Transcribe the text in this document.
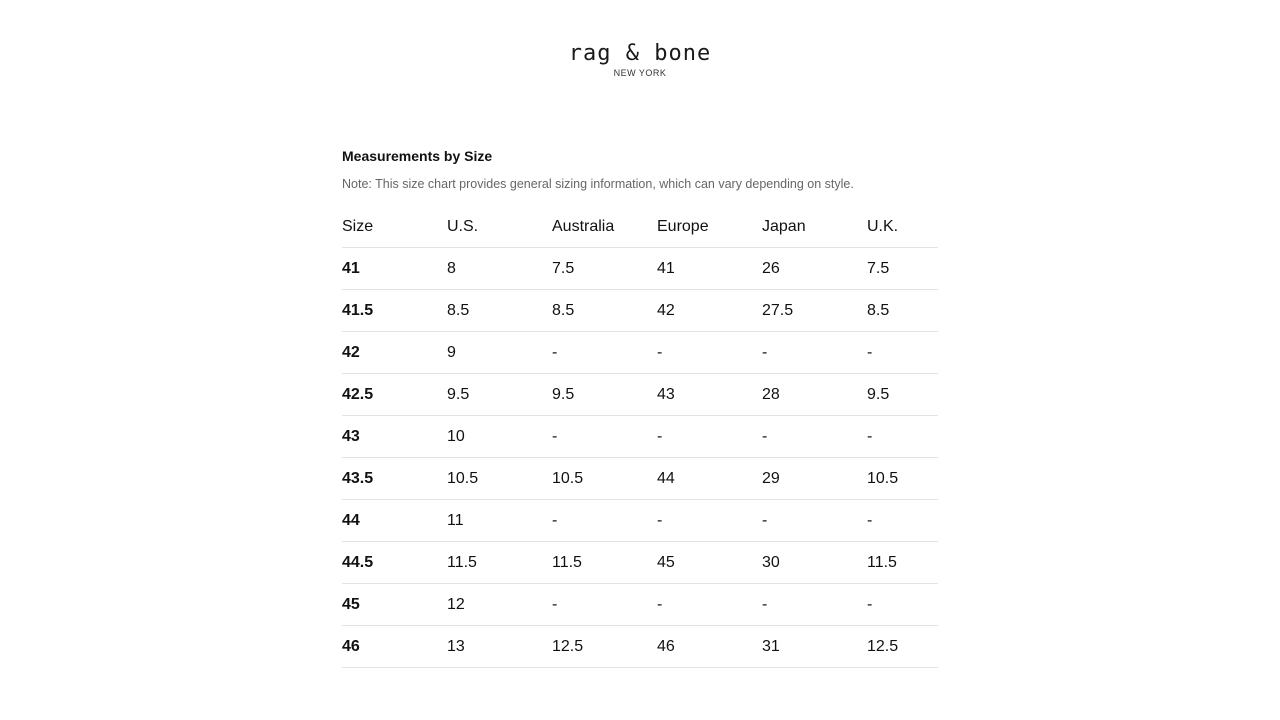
rag & bone
NEW YORK
Measurements by Size

Note: This size chart provides general sizing information, which can vary depending on style.

Size	U.S.	Australia	Europe	Japan	U.K.
41	8	7.5	41	26	7.5
41.5	8.5	8.5	42	27.5	8.5
42	9	-	-	-	-
42.5	9.5	9.5	43	28	9.5
43	10	-	-	-	-
43.5	10.5	10.5	44	29	10.5
44	11	-	-	-	-
44.5	11.5	11.5	45	30	11.5
45	12	-	-	-	-
46	13	12.5	46	31	12.5
